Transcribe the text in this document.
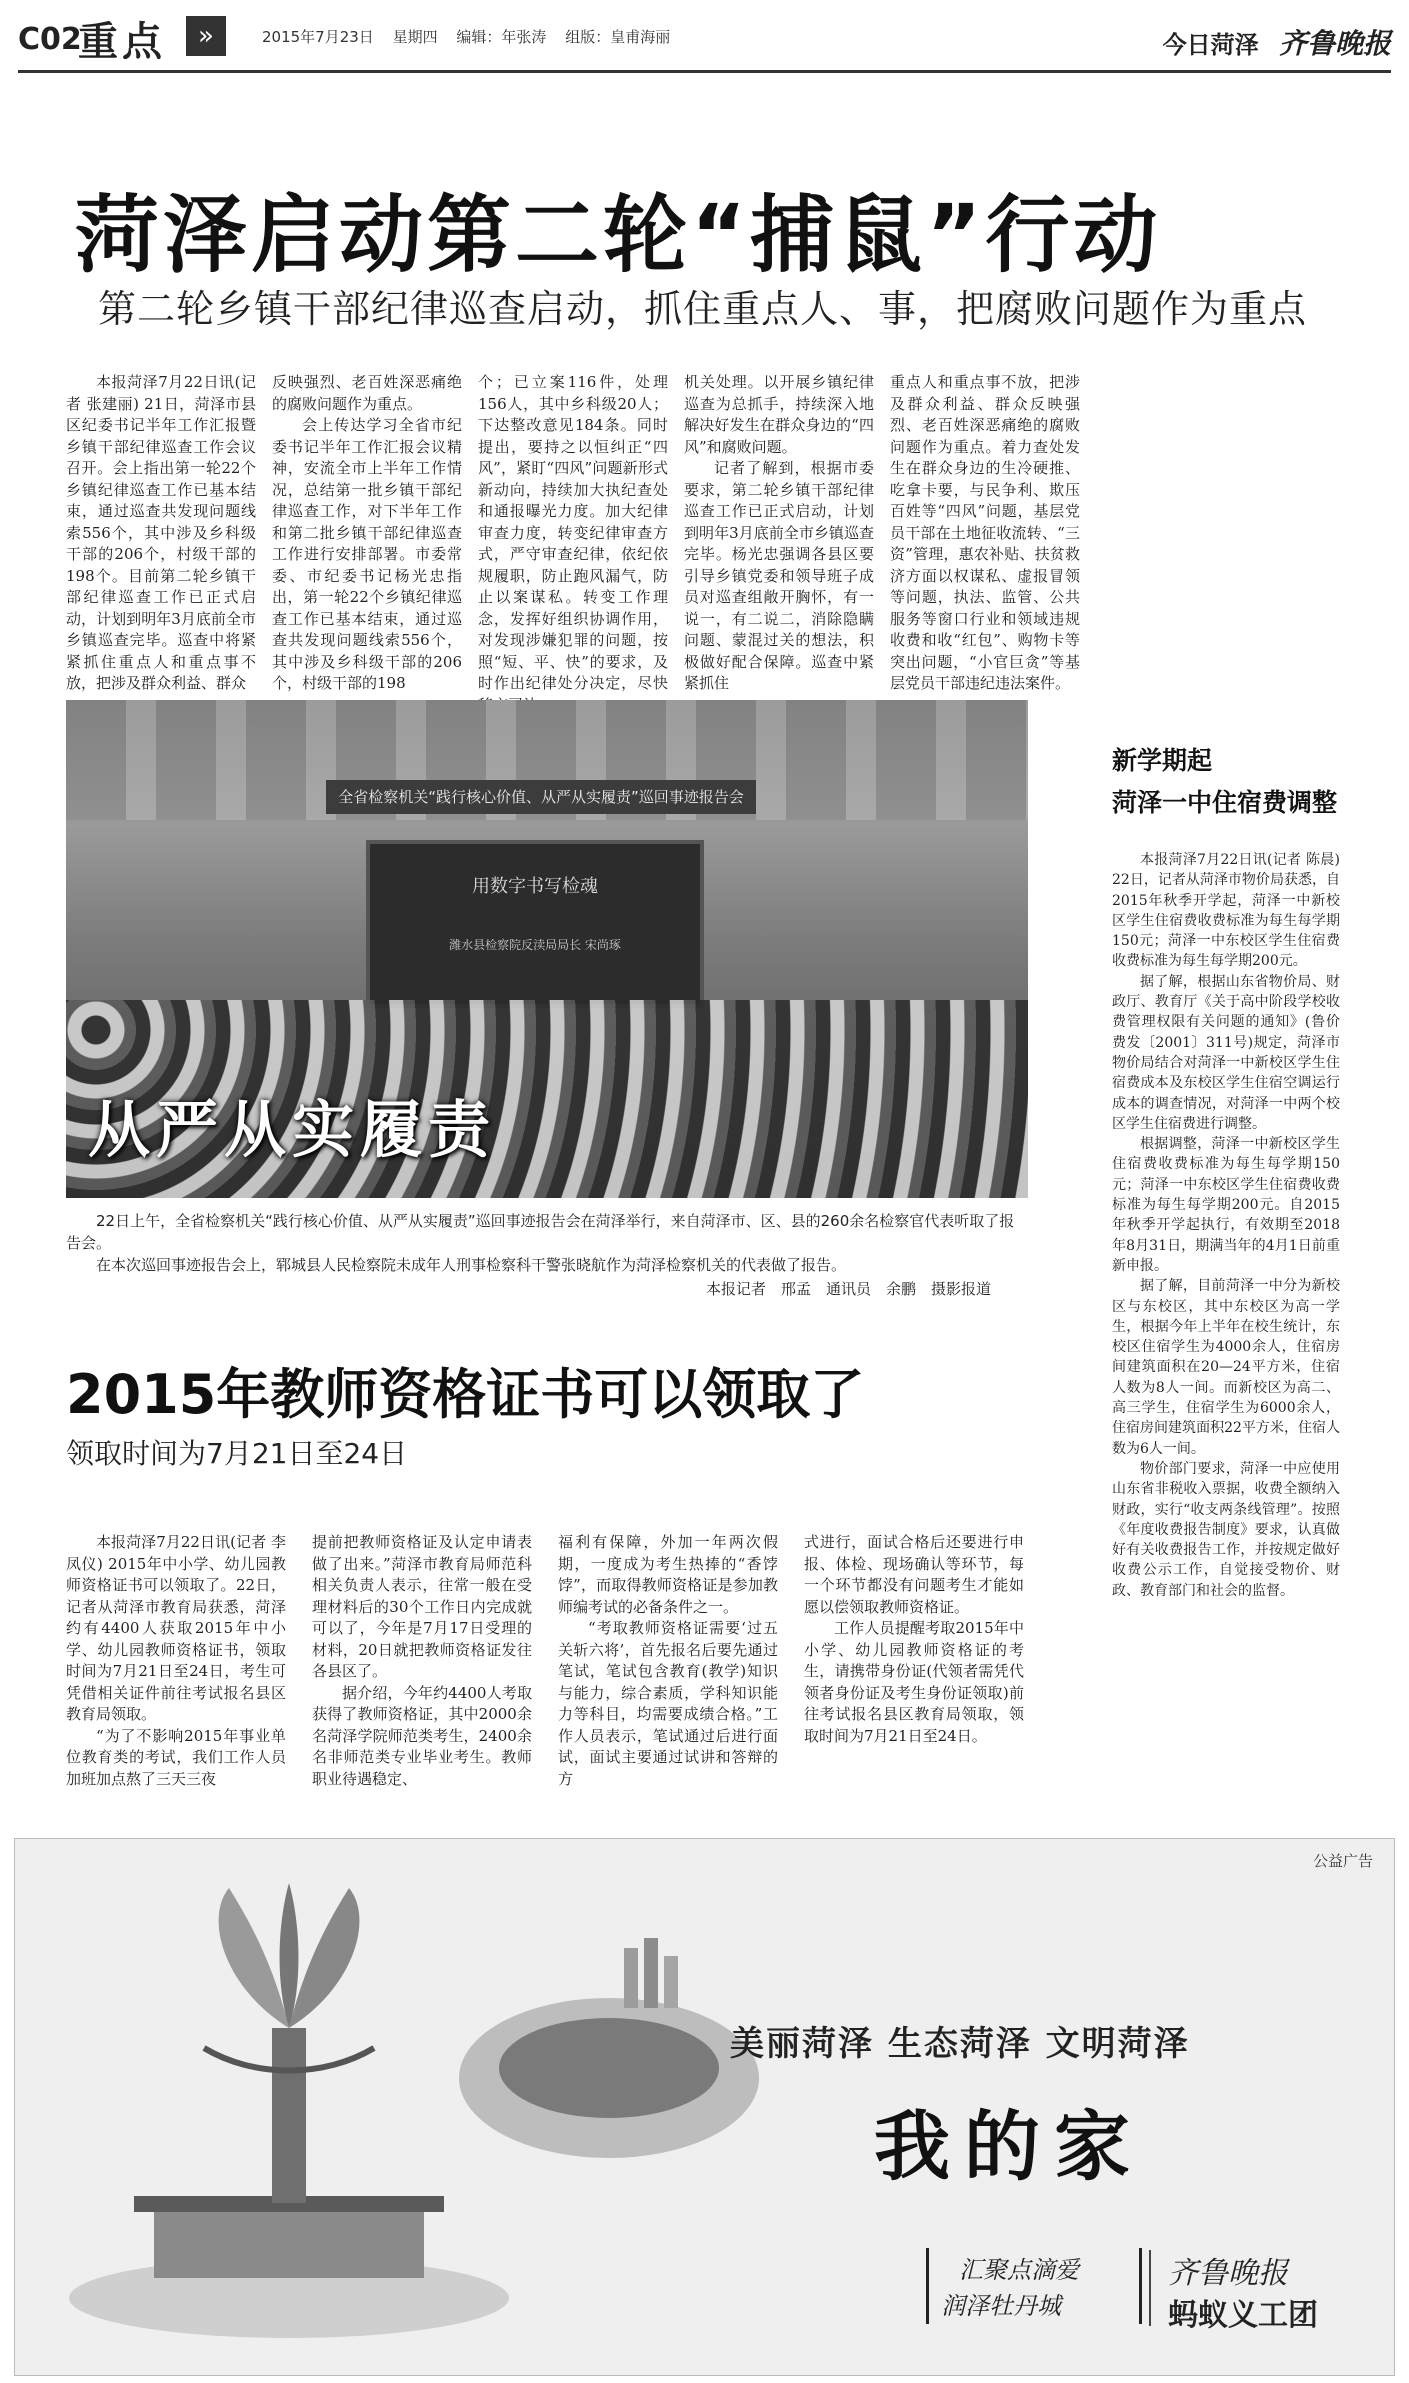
C02
重点	»	2015年7月23日 星期四 编辑：年张涛 组版：皇甫海丽	今日菏泽 齐鲁晚报
菏泽启动第二轮“捕鼠”行动
第二轮乡镇干部纪律巡查启动，抓住重点人、事，把腐败问题作为重点

本报菏泽7月22日讯(记者 张建丽) 21日，菏泽市县区纪委书记半年工作汇报暨乡镇干部纪律巡查工作会议召开。会上指出第一轮22个乡镇纪律巡查工作已基本结束，通过巡查共发现问题线索556个，其中涉及乡科级干部的206个，村级干部的198个。目前第二轮乡镇干部纪律巡查工作已正式启动，计划到明年3月底前全市乡镇巡查完毕。巡查中将紧紧抓住重点人和重点事不放，把涉及群众利益、群众

反映强烈、老百姓深恶痛绝的腐败问题作为重点。

会上传达学习全省市纪委书记半年工作汇报会议精神，安流全市上半年工作情况，总结第一批乡镇干部纪律巡查工作，对下半年工作和第二批乡镇干部纪律巡查工作进行安排部署。市委常委、市纪委书记杨光忠指出，第一轮22个乡镇纪律巡查工作已基本结束，通过巡查共发现问题线索556个，其中涉及乡科级干部的206个，村级干部的198

个；已立案116件，处理156人，其中乡科级20人；下达整改意见184条。同时提出，要持之以恒纠正“四风”，紧盯“四风”问题新形式新动向，持续加大执纪查处和通报曝光力度。加大纪律审查力度，转变纪律审查方式，严守审查纪律，依纪依规履职，防止跑风漏气，防止以案谋私。转变工作理念，发挥好组织协调作用，对发现涉嫌犯罪的问题，按照“短、平、快”的要求，及时作出纪律处分决定，尽快

机关处理。以开展乡镇纪律巡查为总抓手，持续深入地解决好发生在群众身边的“四风”和腐败问题。

记者了解到，根据市委要求，第二轮乡镇干部纪律巡查工作已正式启动，计划到明年3月底前全市乡镇巡查完毕。杨光忠强调各县区要引导乡镇党委和领导班子成员对巡查组敞开胸怀，有一说一，有二说二，消除隐瞒问题、蒙混过关的想法，积极做好配合保障。巡查中紧紧抓住

重点人和重点事不放，把涉及群众利益、群众反映强烈、老百姓深恶痛绝的腐败问题作为重点。着力查处发生在群众身边的生冷硬推、吃拿卡要，与民争利、欺压百姓等“四风”问题，基层党员干部在土地征收流转、“三资”管理，惠农补贴、扶贫救济方面以权谋私、虚报冒领等问题，执法、监管、公共服务等窗口行业和领域违规收费和收“红包”、购物卡等突出问题，“小官巨贪”等基层党员干部违纪违法案件。

全省检察机关“践行核心价值、从严从实履责”巡回事迹报告会
用数字书写检魂
潍水县检察院反渎局局长 宋尚琢
从严从实履责

22日上午，全省检察机关“践行核心价值、从严从实履责”巡回事迹报告会在菏泽举行，来自菏泽市、区、县的260余名检察官代表听取了报告会。

在本次巡回事迹报告会上，郓城县人民检察院未成年人刑事检察科干警张晓航作为菏泽检察机关的代表做了报告。

本报记者　邢孟　通讯员　余鹏　摄影报道
2015年教师资格证书可以领取了
领取时间为7月21日至24日

本报菏泽7月22日讯(记者 李凤仪) 2015年中小学、幼儿园教师资格证书可以领取了。22日，记者从菏泽市教育局获悉，菏泽约有4400人获取2015年中小学、幼儿园教师资格证书，领取时间为7月21日至24日，考生可凭借相关证件前往考试报名县区教育局领取。

“为了不影响2015年事业单位教育类的考试，我们工作人员加班加点熬了三天三夜

提前把教师资格证及认定申请表做了出来。”菏泽市教育局师范科相关负责人表示，往常一般在受理材料后的30个工作日内完成就可以了，今年是7月17日受理的材料，20日就把教师资格证发往各县区了。

据介绍，今年约4400人考取获得了教师资格证，其中2000余名菏泽学院师范类考生，2400余名非师范类专业毕业考生。教师职业待遇稳定、

福利有保障，外加一年两次假期，一度成为考生热捧的“香饽饽”，而取得教师资格证是参加教师编考试的必备条件之一。

“考取教师资格证需要‘过五关斩六将’，首先报名后要先通过笔试，笔试包含教育(教学)知识与能力，综合素质，学科知识能力等科目，均需要成绩合格。”工作人员表示，笔试通过后进行面试，面试主要通过试讲和答辩的方

式进行，面试合格后还要进行申报、体检、现场确认等环节，每一个环节都没有问题考生才能如愿以偿领取教师资格证。

工作人员提醒考取2015年中小学、幼儿园教师资格证的考生，请携带身份证(代领者需凭代领者身份证及考生身份证领取)前往考试报名县区教育局领取，领取时间为7月21日至24日。

新学期起
菏泽一中住宿费调整

本报菏泽7月22日讯(记者 陈晨) 22日，记者从菏泽市物价局获悉，自2015年秋季开学起，菏泽一中新校区学生住宿费收费标准为每生每学期150元；菏泽一中东校区学生住宿费收费标准为每生每学期200元。

据了解，根据山东省物价局、财政厅、教育厅《关于高中阶段学校收费管理权限有关问题的通知》(鲁价费发〔2001〕311号)规定，菏泽市物价局结合对菏泽一中新校区学生住宿费成本及东校区学生住宿空调运行成本的调查情况，对菏泽一中两个校区学生住宿费进行调整。

根据调整，菏泽一中新校区学生住宿费收费标准为每生每学期150元；菏泽一中东校区学生住宿费收费标准为每生每学期200元。自2015年秋季开学起执行，有效期至2018年8月31日，期满当年的4月1日前重新申报。

据了解，目前菏泽一中分为新校区与东校区，其中东校区为高一学生，根据今年上半年在校生统计，东校区住宿学生为4000余人，住宿房间建筑面积在20—24平方米，住宿人数为8人一间。而新校区为高二、高三学生，住宿学生为6000余人，住宿房间建筑面积22平方米，住宿人数为6人一间。

物价部门要求，菏泽一中应使用山东省非税收入票据，收费全额纳入财政，实行“收支两条线管理”。按照《年度收费报告制度》要求，认真做好有关收费报告工作，并按规定做好收费公示工作，自觉接受物价、财政、教育部门和社会的监督。

公益广告
美丽菏泽 生态菏泽 文明菏泽
我的家
汇聚点滴爱
润泽牡丹城
齐鲁晚报
蚂蚁义工团
